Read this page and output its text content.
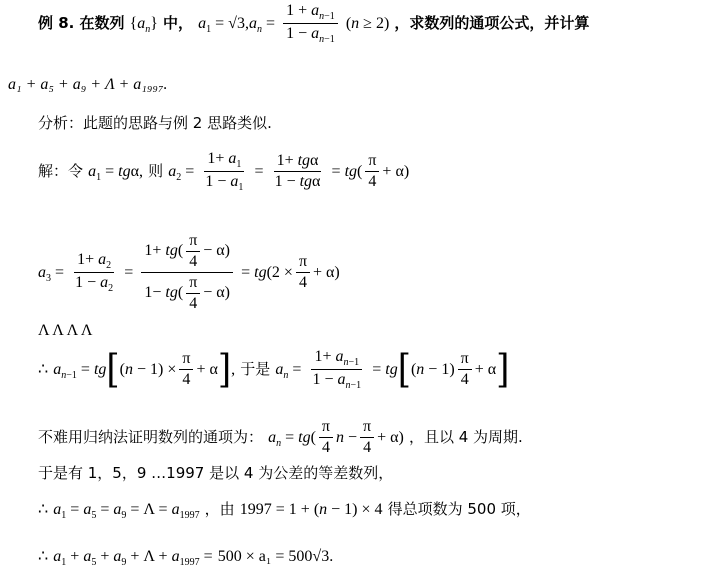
例 8. 在数列 $\{a_n\}$ 中， $a_1 = √3,a_n = \frac{1 + a_{n-1}}{1 - a_{n-1}} (n \ge 2)$ ，求数列的通项公式，并计算
a₁ + a₅ + a₉ + Λ + a₁₉₉₇.
分析：此题的思路与例 2 思路类似.
解：令 $a_1 = tg\alpha$, 则 $a_2 = \frac{1+ a_1}{1 - a_1} = \frac{\text{1+ tgα}}{\text{1 − tgα}} = tg( \frac{\pi}{4} + \alpha)$
$a_3 = \frac{1+ a_2}{1 - a_2} = \frac{1+ tg( \frac{\pi}{4} - \alpha)}{1- tg( \frac{\pi}{4} - \alpha)} = tg(2 \times \frac{\pi}{4} + \alpha)$
Λ Λ Λ Λ
∴ $a_{n-1} = tg[(n - 1) \times \frac{\pi}{4} + \alpha]$, 于是 $a_n = \frac{1+ a_{n-1}}{1 - a_{n-1}} = tg[(n - 1) \frac{\pi}{4} + \alpha]$
不难用归纳法证明数列的通项为： $a_n = tg( \frac{\pi}{4}$ $n - \frac{\pi}{4} + \alpha$) ，且以 4 为周期.
于是有 1，5，9 …1997 是以 4 为公差的等差数列，
∴ $a_1 = a_5 = a_9 = \Lambda = a_{1997}$ ，由 1997 = 1 + (n − 1) × 4 得总项数为 500 项，
∴ $a_1 + a_5 + a_9 + \Lambda + a_{1997} = 500 \times a_1 = 500√3$.
